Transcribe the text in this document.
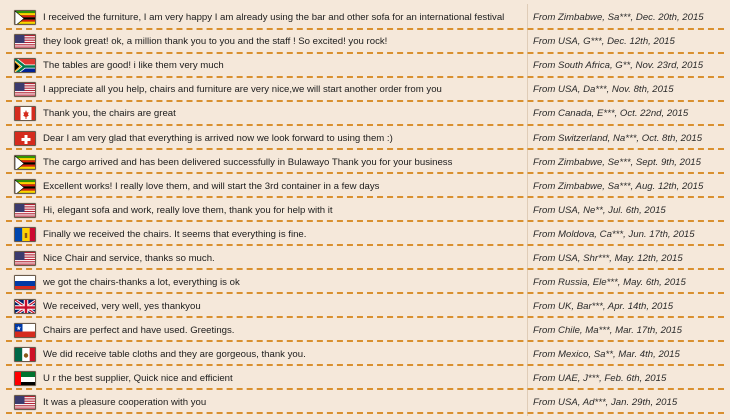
I received the furniture, I am very happy I am already using the bar and other sofa for an international festival	From Zimbabwe, Sa***, Dec. 20th, 2015
they look great! ok, a million thank you to you and the staff ! So excited! you rock!	From USA, G***, Dec. 12th, 2015
The tables are good! i like them very much	From South Africa, G**, Nov. 23rd, 2015
I appreciate all you help, chairs and furniture are very nice,we will start another order from you	From USA, Da***, Nov. 8th, 2015
Thank you, the chairs are great	From Canada, E***, Oct. 22nd, 2015
Dear I am very glad that everything is arrived now we look forward to using them :)	From Switzerland, Na***, Oct. 8th, 2015
The cargo arrived and has been delivered successfully in Bulawayo Thank you for your business	From Zimbabwe, Se***, Sept. 9th, 2015
Excellent works! I really love them, and will start the 3rd container in a few days	From Zimbabwe, Sa***, Aug. 12th, 2015
Hi, elegant sofa and work, really love them, thank you for help with it	From USA, Ne**, Jul. 6th, 2015
Finally we received the chairs. It seems that everything is fine.	From Moldova, Ca***, Jun. 17th, 2015
Nice Chair and service, thanks so much.	From USA, Shr***, May. 12th, 2015
we got the chairs-thanks a lot, everything is ok	From Russia, Ele***, May. 6th, 2015
We received, very well, yes thankyou	From UK, Bar***, Apr. 14th, 2015
Chairs are perfect and have used. Greetings.	From Chile, Ma***, Mar. 17th, 2015
We did receive table cloths and they are gorgeous, thank you.	From Mexico, Sa**, Mar. 4th, 2015
U r the best supplier, Quick nice and efficient	From UAE, J***, Feb. 6th, 2015
It was a pleasure cooperation with you	From USA, Ad***, Jan. 29th, 2015
